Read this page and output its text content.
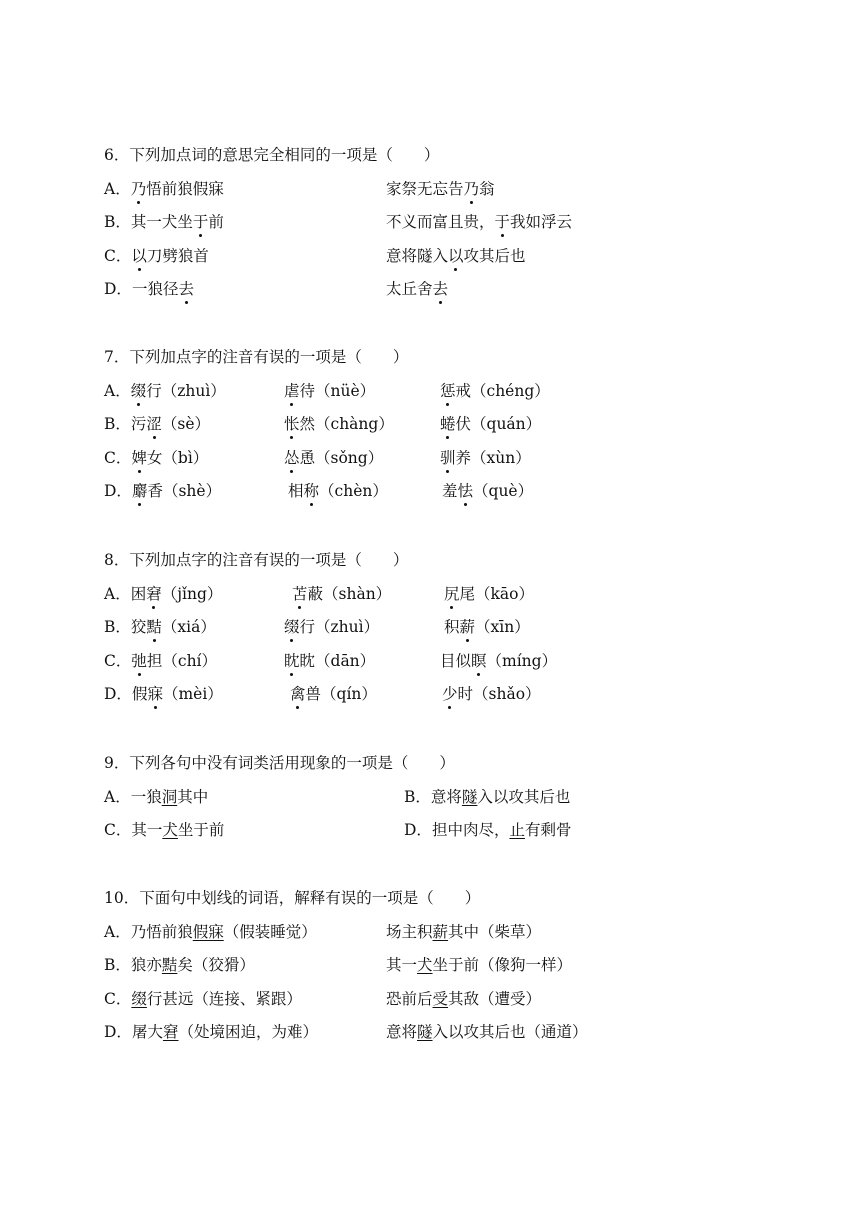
6．下列加点词的意思完全相同的一项是（　　）
A．乃悟前狼假寐	家祭无忘告乃翁
B．其一犬坐于前	不义而富且贵，于我如浮云
C．以刀劈狼首	意将隧入以攻其后也
D．一狼径去	太丘舍去
7．下列加点字的注音有误的一项是（　　）
A．缀行（zhuì）	虐待（nüè）	惩戒（chéng）
B．污涩（sè）	怅然（chàng）	蜷伏（quán）
C．婢女（bì）	怂恿（sǒng）	驯养（xùn）
D．麝香（shè）	相称（chèn）	羞怯（què）
8．下列加点字的注音有误的一项是（　　）
A．困窘（jǐng）	苫蔽（shàn）	尻尾（kāo）
B．狡黠（xiá）	缀行（zhuì）	积薪（xīn）
C．弛担（chí）	眈眈（dān）	目似瞑（míng）
D．假寐（mèi）	禽兽（qín）	少时（shǎo）
9．下列各句中没有词类活用现象的一项是（　　）
A．一狼洞其中	B．意将隧入以攻其后也
C．其一犬坐于前	D．担中肉尽，止有剩骨
10．下面句中划线的词语，解释有误的一项是（　　）
A．乃悟前狼假寐（假装睡觉）	场主积薪其中（柴草）
B．狼亦黠矣（狡猾）	其一犬坐于前（像狗一样）
C．缀行甚远（连接、紧跟）	恐前后受其敌（遭受）
D．屠大窘（处境困迫，为难）	意将隧入以攻其后也（通道）
